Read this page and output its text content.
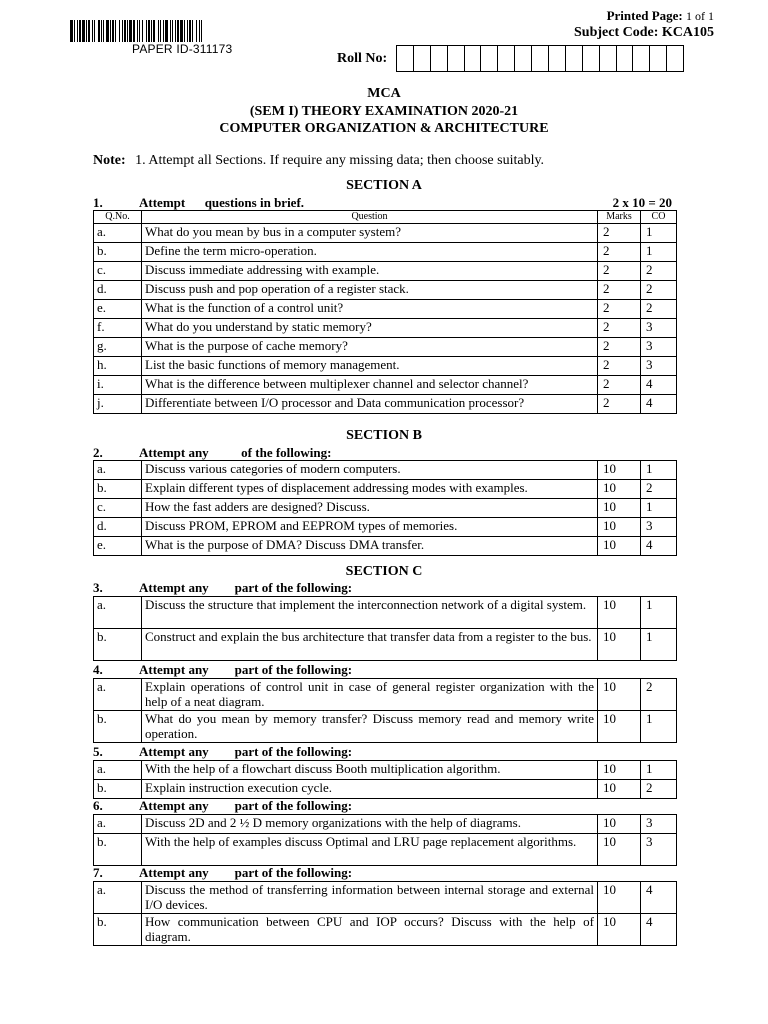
PAPER ID-311173
Printed Page: 1 of 1
Subject Code: KCA105
Roll No:
MCA
(SEM I) THEORY EXAMINATION 2020-21
COMPUTER ORGANIZATION & ARCHITECTURE
Note: 1. Attempt all Sections. If require any missing data; then choose suitably.
SECTION A
1.	Attempt      questions in brief.	2 x 10 = 20
Q.No.	Question	Marks	CO
a.	What do you mean by bus in a computer system?	2	1
b.	Define the term micro-operation.	2	1
c.	Discuss immediate addressing with example.	2	2
d.	Discuss push and pop operation of a register stack.	2	2
e.	What is the function of a control unit?	2	2
f.	What do you understand by static memory?	2	3
g.	What is the purpose of cache memory?	2	3
h.	List the basic functions of memory management.	2	3
i.	What is the difference between multiplexer channel and selector channel?	2	4
j.	Differentiate between I/O processor and Data communication processor?	2	4
SECTION B
2.	Attempt any          of the following:
a.	Discuss various categories of modern computers.	10	1
b.	Explain different types of displacement addressing modes with examples.	10	2
c.	How the fast adders are designed? Discuss.	10	1
d.	Discuss PROM, EPROM and EEPROM types of memories.	10	3
e.	What is the purpose of DMA? Discuss DMA transfer.	10	4
SECTION C
3.	Attempt any        part of the following:
a.	Discuss the structure that implement the interconnection network of a digital system.	10	1
b.	Construct and explain the bus architecture that transfer data from a register to the bus.	10	1
4.	Attempt any        part of the following:
a.	Explain operations of control unit in case of general register organization with the help of a neat diagram.	10	2
b.	What do you mean by memory transfer? Discuss memory read and memory write operation.	10	1
5.	Attempt any        part of the following:
a.	With the help of a flowchart discuss Booth multiplication algorithm.	10	1
b.	Explain instruction execution cycle.	10	2
6.	Attempt any        part of the following:
a.	Discuss 2D and 2 ½ D memory organizations with the help of diagrams.	10	3
b.	With the help of examples discuss Optimal and LRU page replacement algorithms.	10	3
7.	Attempt any        part of the following:
a.	Discuss the method of transferring information between internal storage and external I/O devices.	10	4
b.	How communication between CPU and IOP occurs? Discuss with the help of diagram.	10	4
